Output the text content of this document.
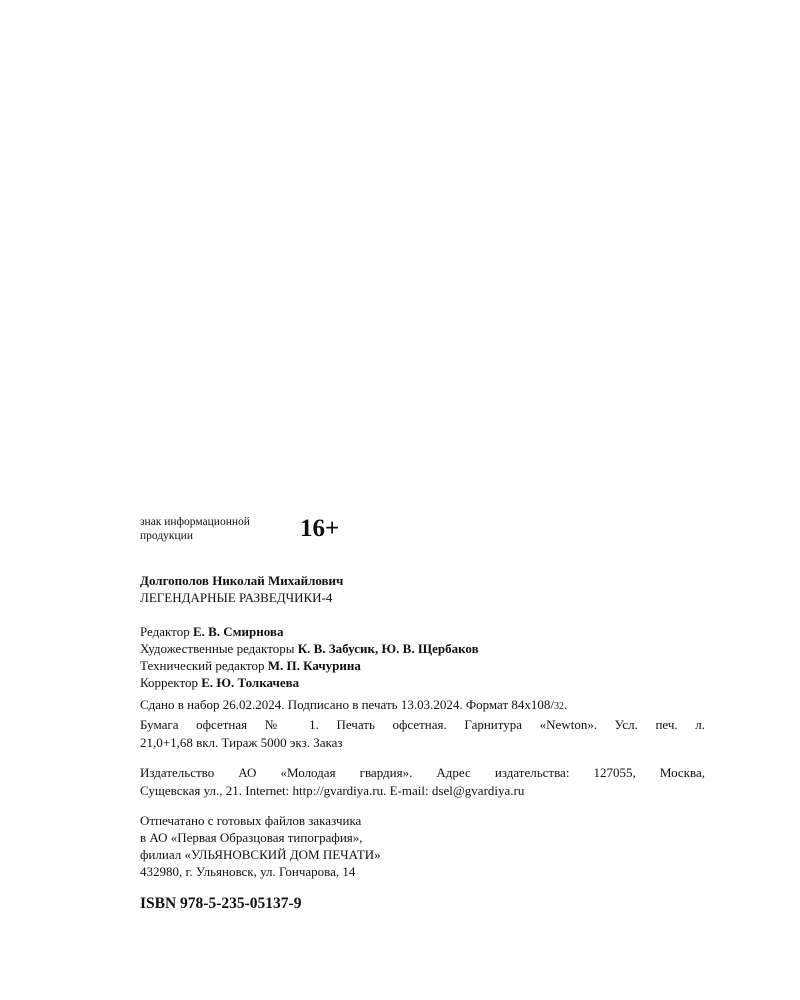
знак информационной
продукции	16+
Долгополов Николай Михайлович
ЛЕГЕНДАРНЫЕ РАЗВЕДЧИКИ-4
Редактор Е. В. Смирнова
Художественные редакторы К. В. Забусик, Ю. В. Щербаков
Технический редактор М. П. Качурина
Корректор Е. Ю. Толкачева
Сдано в набор 26.02.2024. Подписано в печать 13.03.2024. Формат 84х108/32.
Бумага офсетная № 1. Печать офсетная. Гарнитура «Newton». Усл. печ. л.
21,0+1,68 вкл. Тираж 5000 экз. Заказ
Издательство АО «Молодая гвардия». Адрес издательства: 127055, Москва,
Сущевская ул., 21. Internet: http://gvardiya.ru. E-mail: dsel@gvardiya.ru
Отпечатано с готовых файлов заказчика
в АО «Первая Образцовая типография»,
филиал «УЛЬЯНОВСКИЙ ДОМ ПЕЧАТИ»
432980, г. Ульяновск, ул. Гончарова, 14
ISBN 978-5-235-05137-9
